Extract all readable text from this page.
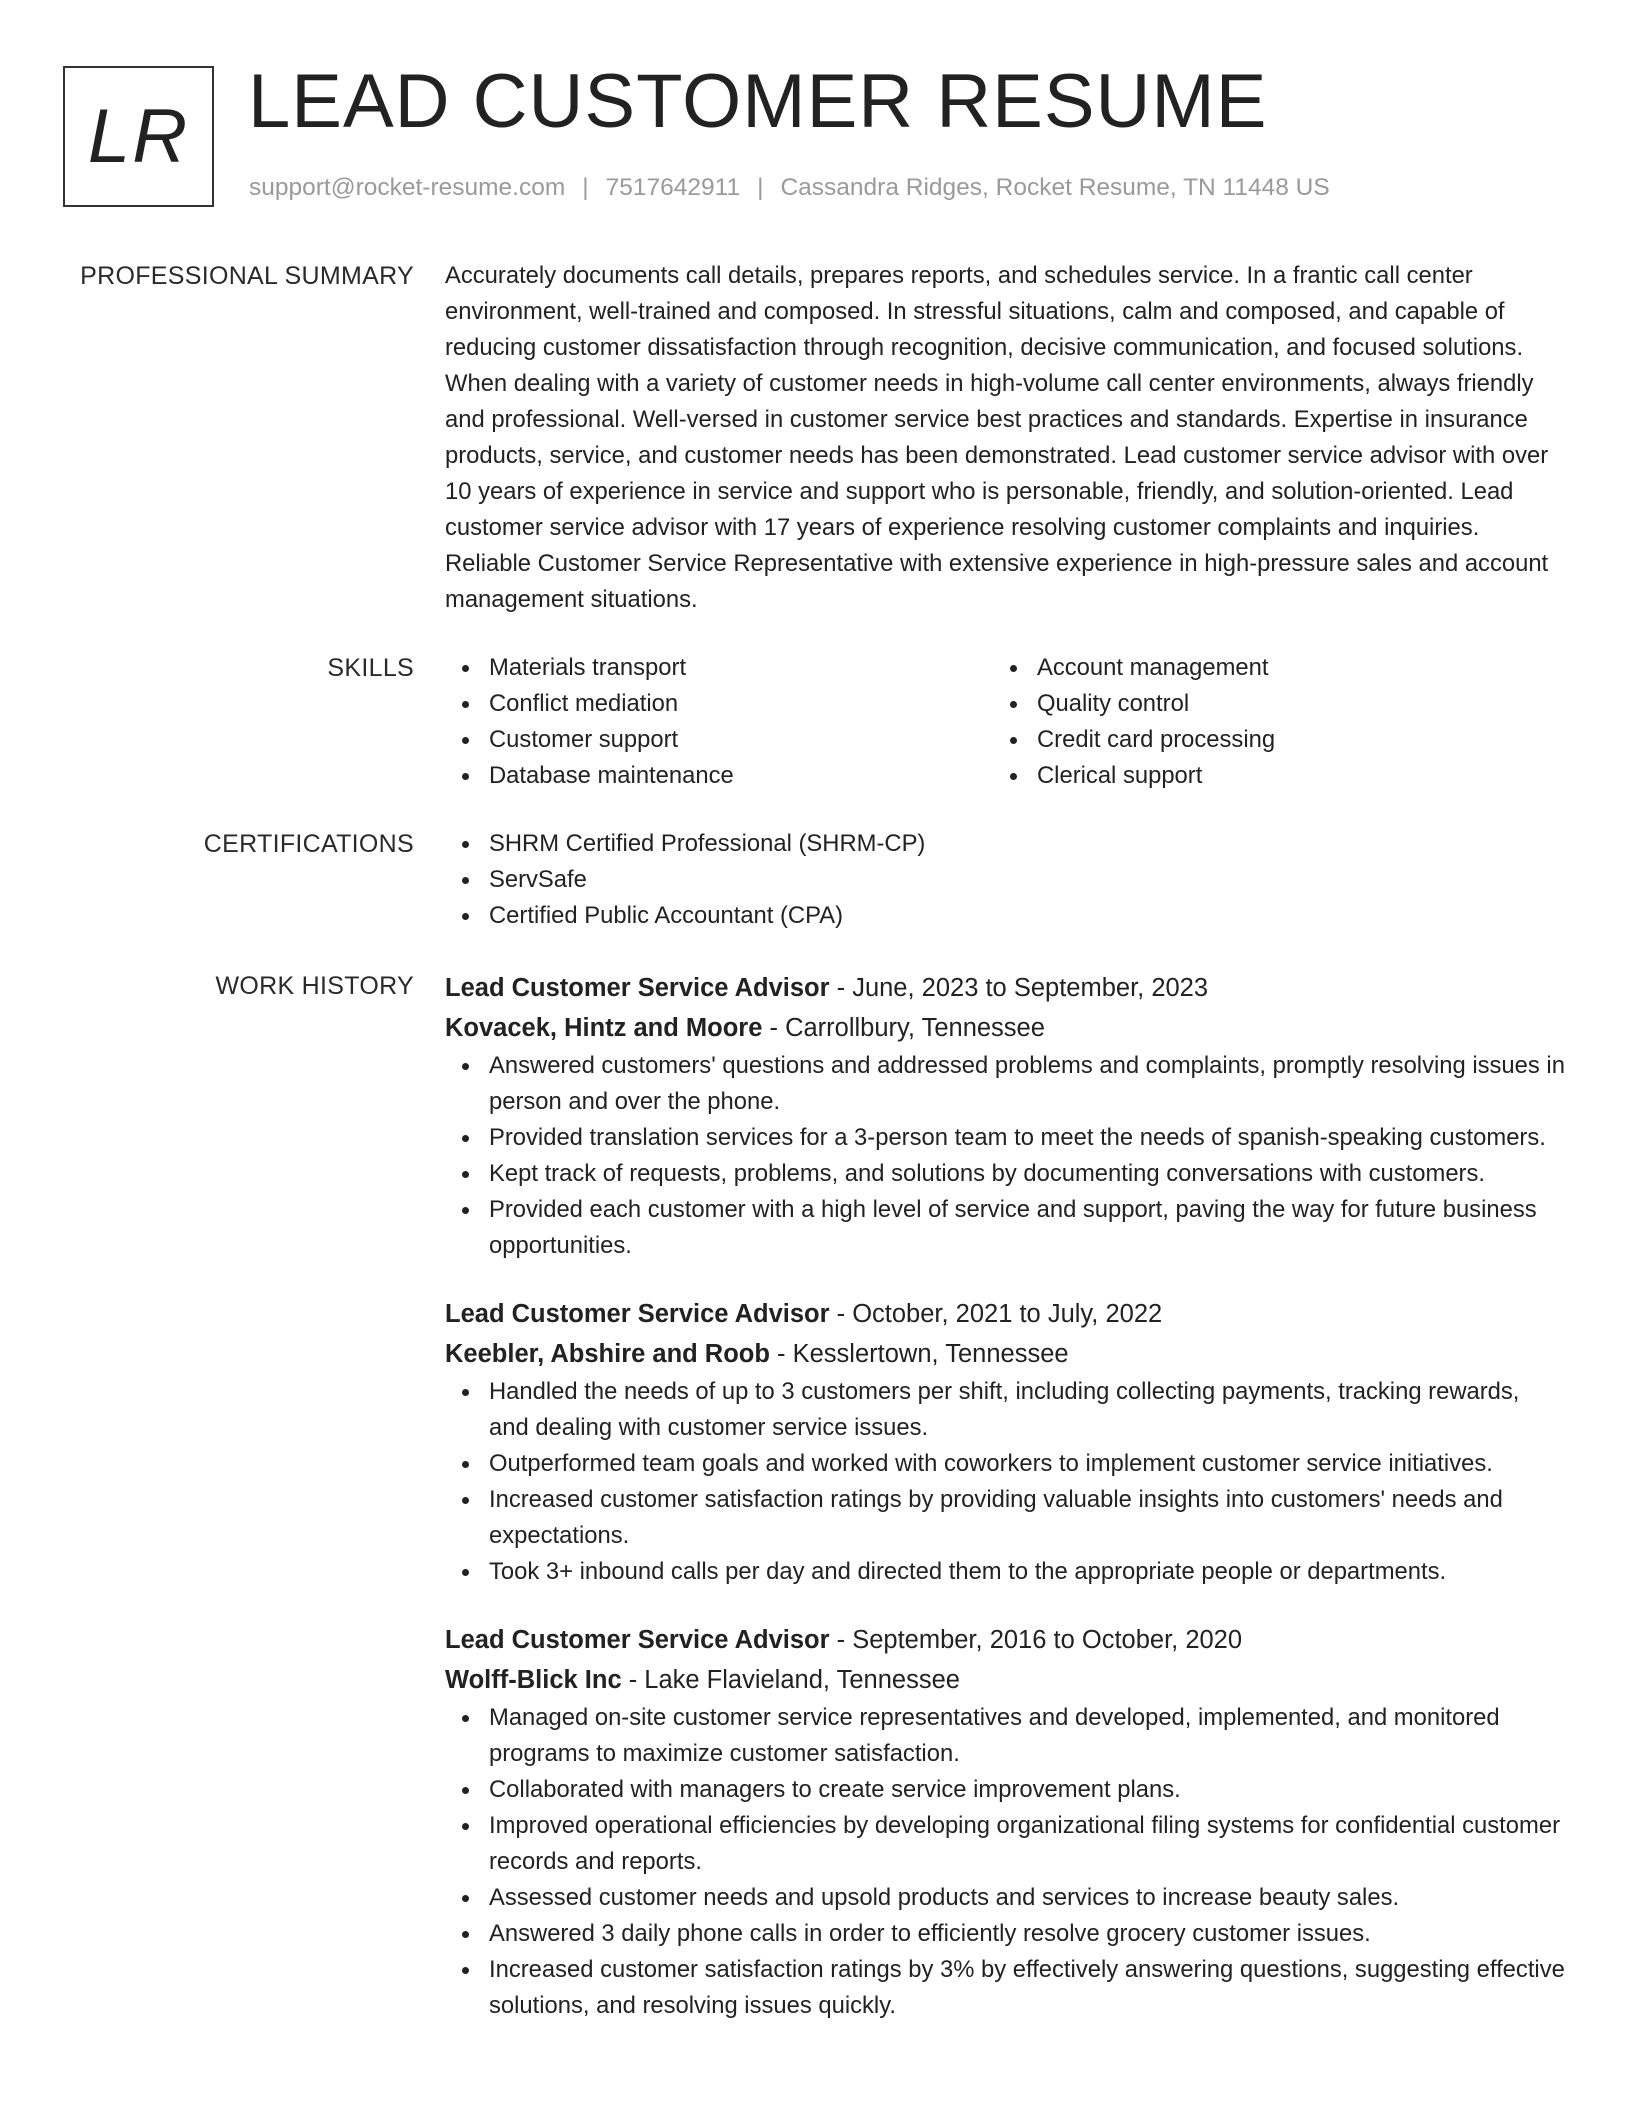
LR LEAD CUSTOMER RESUME
support@rocket-resume.com | 7517642911 | Cassandra Ridges, Rocket Resume, TN 11448 US
PROFESSIONAL SUMMARY Accurately documents call details, prepares reports, and schedules service. In a frantic call center environment, well-trained and composed. In stressful situations, calm and composed, and capable of reducing customer dissatisfaction through recognition, decisive communication, and focused solutions. When dealing with a variety of customer needs in high-volume call center environments, always friendly and professional. Well-versed in customer service best practices and standards. Expertise in insurance products, service, and customer needs has been demonstrated. Lead customer service advisor with over 10 years of experience in service and support who is personable, friendly, and solution-oriented. Lead customer service advisor with 17 years of experience resolving customer complaints and inquiries. Reliable Customer Service Representative with extensive experience in high-pressure sales and account management situations.

SKILLS	Materials transport
Conflict mediation
Customer support
Database maintenance
Account management
Quality control
Credit card processing
Clerical support
CERTIFICATIONS	SHRM Certified Professional (SHRM-CP)
ServSafe
Certified Public Accountant (CPA)
WORK HISTORY Lead Customer Service Advisor - June, 2023 to September, 2023
Kovacek, Hintz and Moore - Carrollbury, Tennessee
Answered customers' questions and addressed problems and complaints, promptly resolving issues in person and over the phone.
Provided translation services for a 3-person team to meet the needs of spanish-speaking customers.
Kept track of requests, problems, and solutions by documenting conversations with customers.
Provided each customer with a high level of service and support, paving the way for future business opportunities.
Lead Customer Service Advisor - October, 2021 to July, 2022
Keebler, Abshire and Roob - Kesslertown, Tennessee
Handled the needs of up to 3 customers per shift, including collecting payments, tracking rewards, and dealing with customer service issues.
Outperformed team goals and worked with coworkers to implement customer service initiatives.
Increased customer satisfaction ratings by providing valuable insights into customers' needs and expectations.
Took 3+ inbound calls per day and directed them to the appropriate people or departments.
Lead Customer Service Advisor - September, 2016 to October, 2020
Wolff-Blick Inc - Lake Flavieland, Tennessee
Managed on-site customer service representatives and developed, implemented, and monitored programs to maximize customer satisfaction.
Collaborated with managers to create service improvement plans.
Improved operational efficiencies by developing organizational filing systems for confidential customer records and reports.
Assessed customer needs and upsold products and services to increase beauty sales.
Answered 3 daily phone calls in order to efficiently resolve grocery customer issues.
Increased customer satisfaction ratings by 3% by effectively answering questions, suggesting effective solutions, and resolving issues quickly.
